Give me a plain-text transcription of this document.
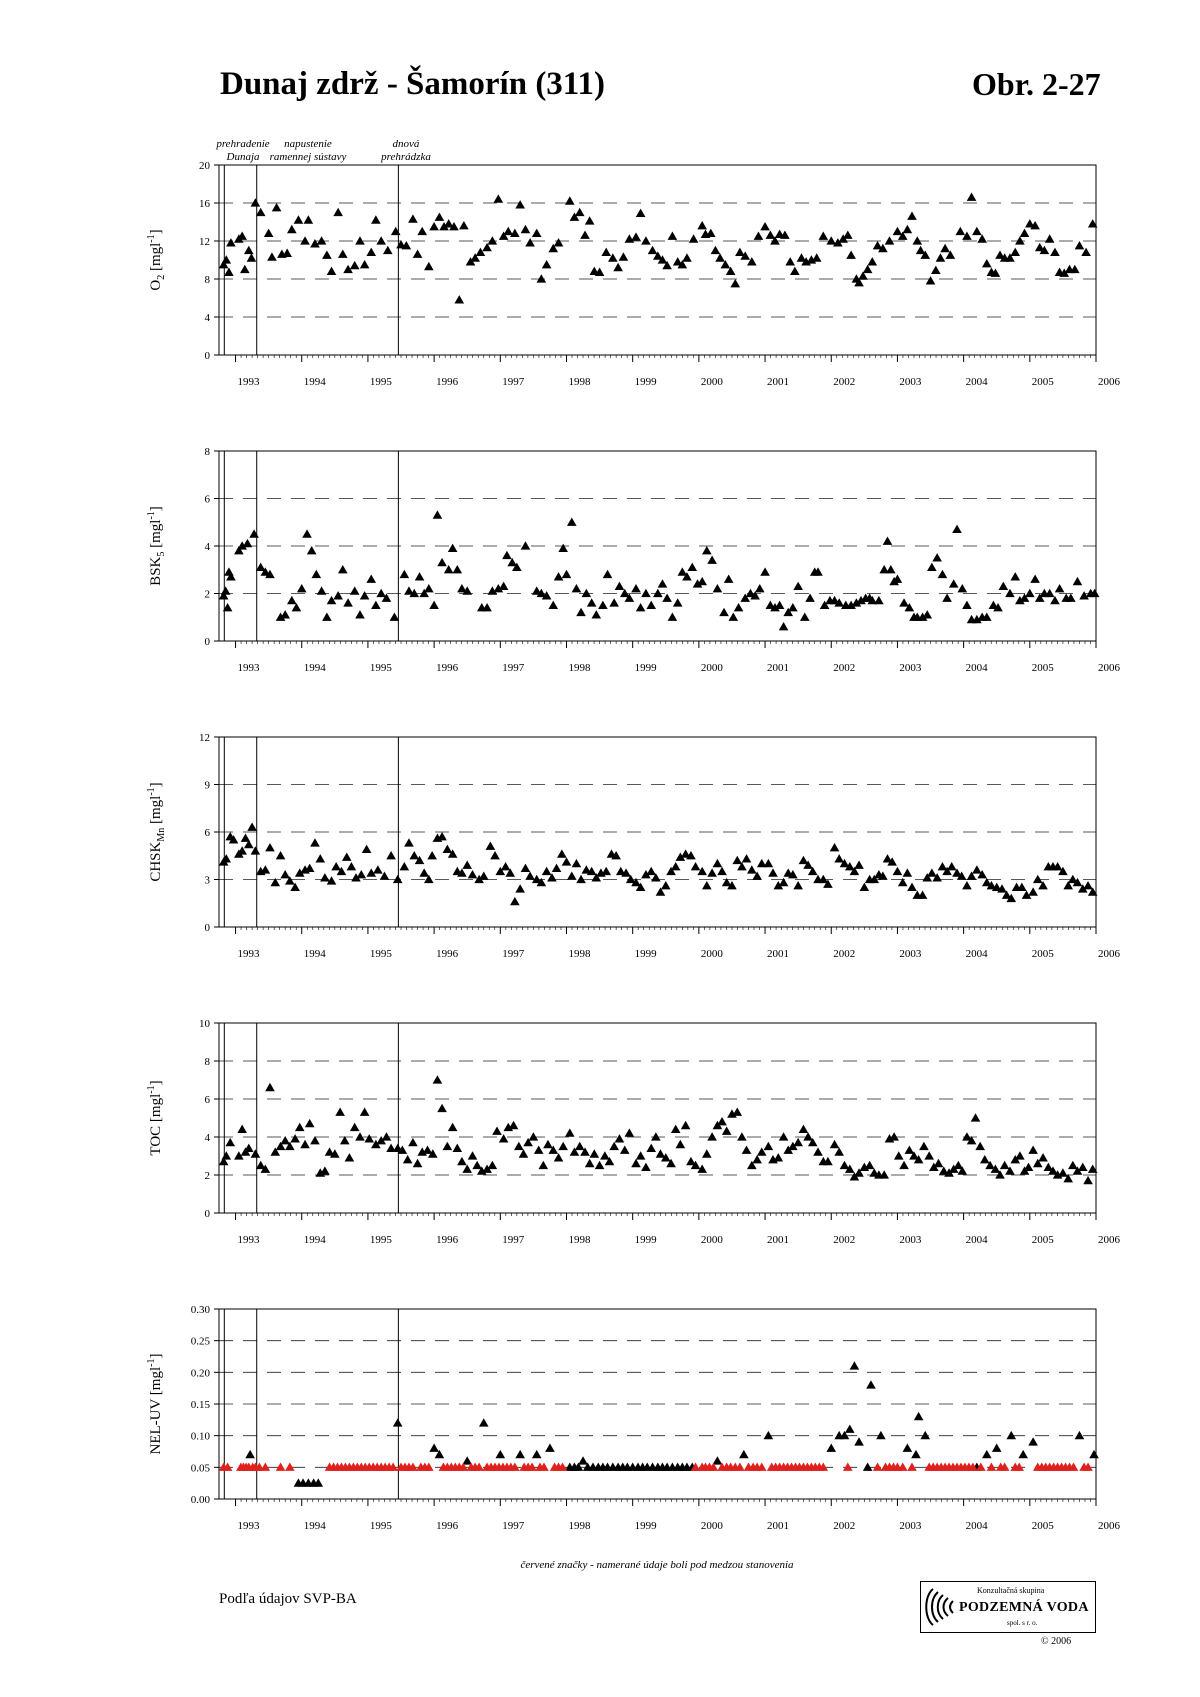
Dunaj zdrž - Šamorín (311)	Obr. 2-27
0
4
8
12
16
20
1993	1994	1995	1996	1997	1998	1999	2000	2001	2002	2003	2004	2005	2006
$O_2$ [mgl$^{-1}$]
0
2
4
6
8
1993	1994	1995	1996	1997	1998	1999	2000	2001	2002	2003	2004	2005	2006
$BSK_5$ [mgl$^{-1}$]
0
3
6
9
12
1993	1994	1995	1996	1997	1998	1999	2000	2001	2002	2003	2004	2005	2006
$CHSK_{Mn}$ [mgl$^{-1}$]
0
2
4
6
8
10
1993	1994	1995	1996	1997	1998	1999	2000	2001	2002	2003	2004	2005	2006
TOC [mgl$^{-1}$]
0.00
0.05
0.10
0.15
0.20
0.25
0.30
1993	1994	1995	1996	1997	1998	1999	2000	2001	2002	2003	2004	2005	2006
NEL-UV [mgl$^{-1}$]
prehradenie
Dunaja
napustenie
ramennej sústavy
dnová
prehrádzka
červené značky - namerané údaje boli pod medzou stanovenia
Podľa údajov SVP-BA
Konzultačná skupina
PODZEMNÁ VODA
spol. s r. o.
© 2006
